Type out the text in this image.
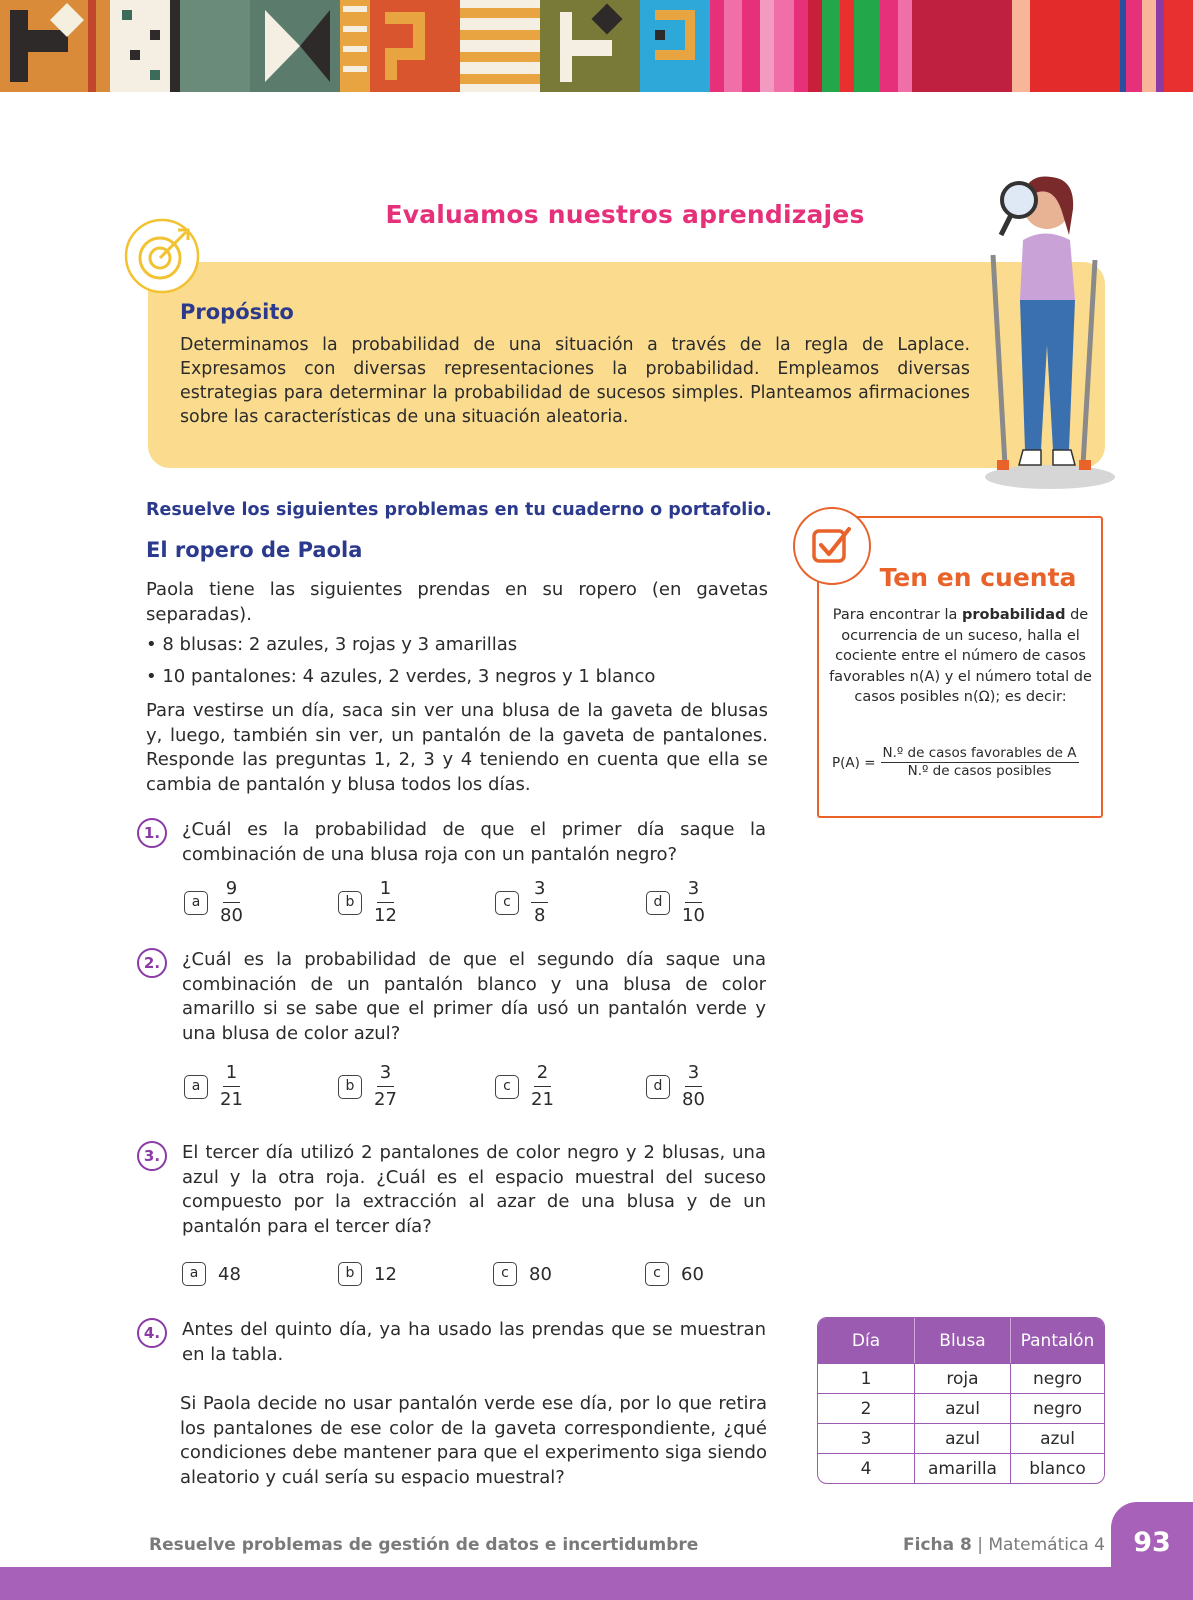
Evaluamos nuestros aprendizajes
Propósito
Determinamos la probabilidad de una situación a través de la regla de Laplace. Expresamos con diversas representaciones la probabilidad. Empleamos diversas estrategias para determinar la probabilidad de sucesos simples. Planteamos afirmaciones sobre las características de una situación aleatoria.
Resuelve los siguientes problemas en tu cuaderno o portafolio.
El ropero de Paola
Paola tiene las siguientes prendas en su ropero (en gavetas separadas).
• 8 blusas: 2 azules, 3 rojas y 3 amarillas
• 10 pantalones: 4 azules, 2 verdes, 3 negros y 1 blanco
Para vestirse un día, saca sin ver una blusa de la gaveta de blusas y, luego, también sin ver, un pantalón de la gaveta de pantalones. Responde las preguntas 1, 2, 3 y 4 teniendo en cuenta que ella se cambia de pantalón y blusa todos los días.
1.	¿Cuál es la probabilidad de que el primer día saque la combinación de una blusa roja con un pantalón negro?
a	$\frac{9}{80}$	b	$\frac{1}{12}$	c	$\frac{3}{8}$	d	$\frac{3}{10}$
2.	¿Cuál es la probabilidad de que el segundo día saque una combinación de un pantalón blanco y una blusa de color amarillo si se sabe que el primer día usó un pantalón verde y una blusa de color azul?
a	$\frac{1}{21}$	b	$\frac{3}{27}$	c	$\frac{2}{21}$	d	$\frac{3}{80}$
3.	El tercer día utilizó 2 pantalones de color negro y 2 blusas, una azul y la otra roja. ¿Cuál es el espacio muestral del suceso compuesto por la extracción al azar de una blusa y de un pantalón para el tercer día?
a	48	b	12	c	80	c	60
4.	Antes del quinto día, ya ha usado las prendas que se muestran en la tabla.
Si Paola decide no usar pantalón verde ese día, por lo que retira los pantalones de ese color de la gaveta correspondiente, ¿qué condiciones debe mantener para que el experimento siga siendo aleatorio y cuál sería su espacio muestral?
Ten en cuenta
Para encontrar la probabilidad de ocurrencia de un suceso, halla el cociente entre el número de casos favorables n(A) y el número total de casos posibles n(Ω); es decir:
$P(A) = \frac{\text{N.º de casos favorables de A}}{\text{N.º de casos posibles}}$
Día	Blusa	Pantalón
1	roja	negro
2	azul	negro
3	azul	azul
4	amarilla	blanco
Resuelve problemas de gestión de datos e incertidumbre	Ficha 8 | Matemática 4	93
